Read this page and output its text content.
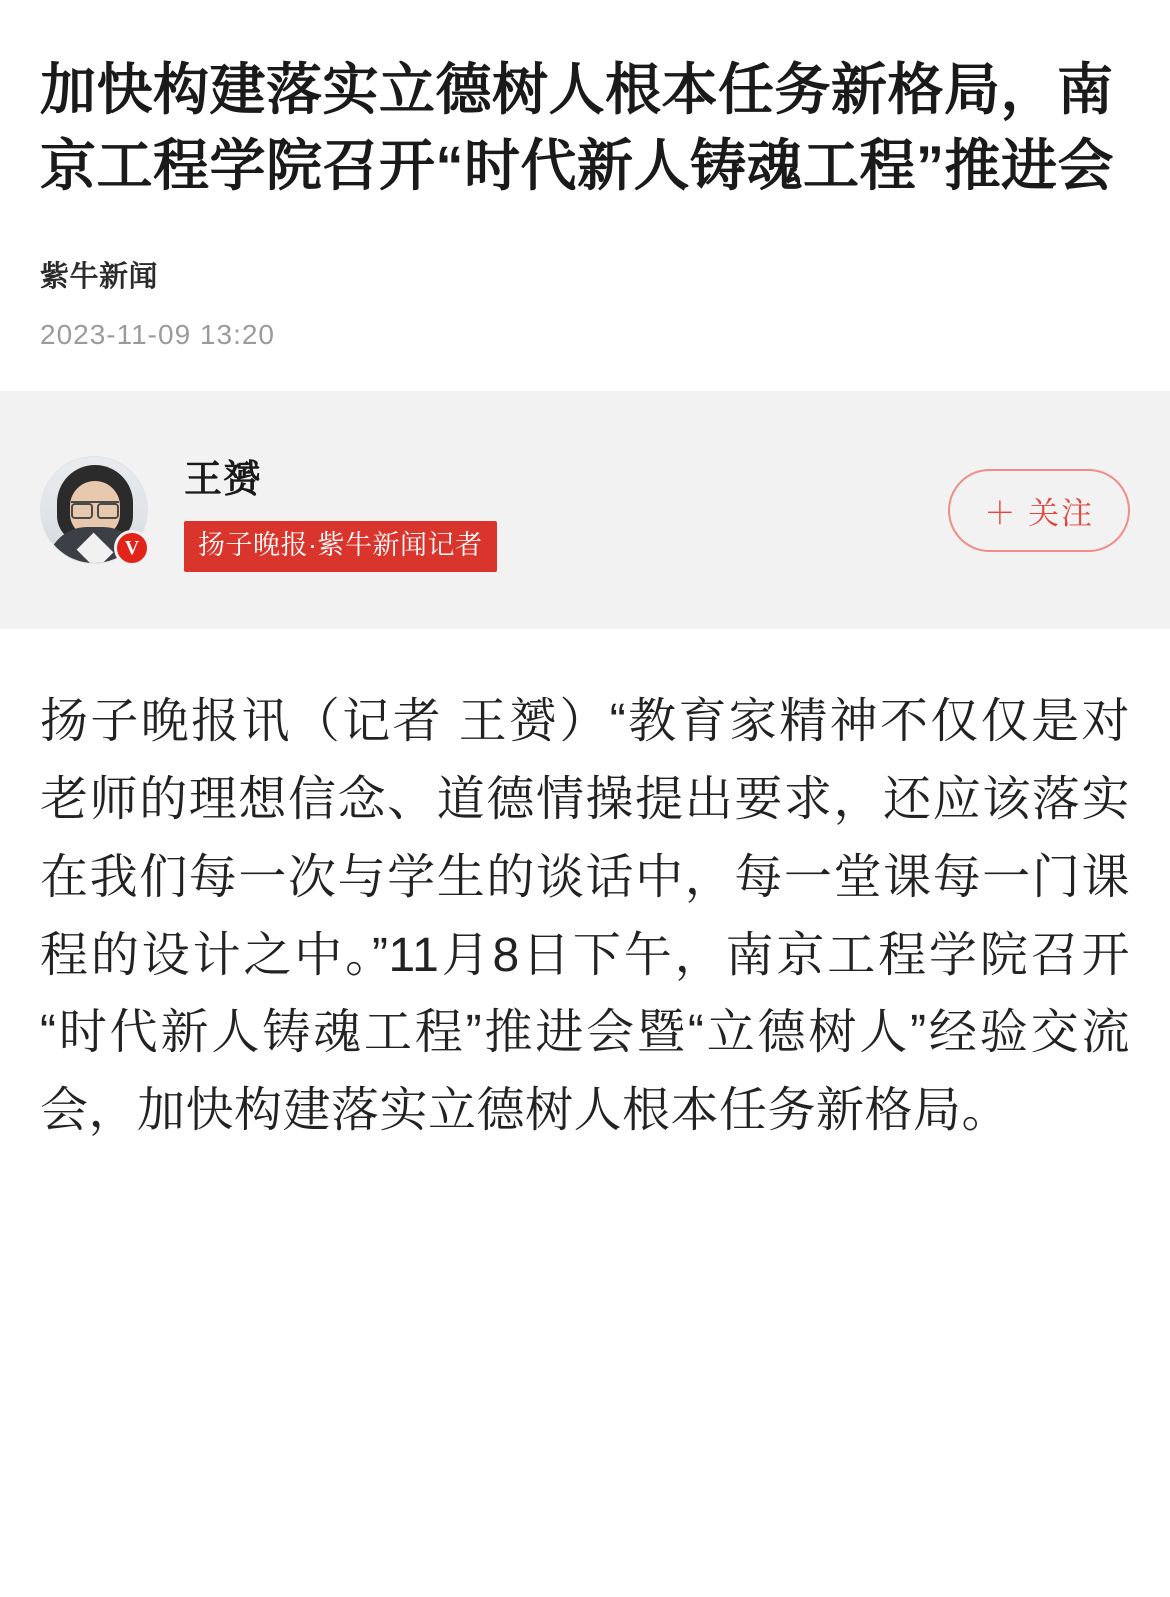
加快构建落实立德树人根本任务新格局，南京工程学院召开“时代新人铸魂工程”推进会
紫牛新闻
2023-11-09 13:20
V
王赟
扬子晚报·紫牛新闻记者
＋ 关注

扬子晚报讯（记者 王赟）“教育家精神不仅仅是对老师的理想信念、道德情操提出要求，还应该落实在我们每一次与学生的谈话中，每一堂课每一门课程的设计之中。”11月8日下午，南京工程学院召开“时代新人铸魂工程”推进会暨“立德树人”经验交流会，加快构建落实立德树人根本任务新格局。
